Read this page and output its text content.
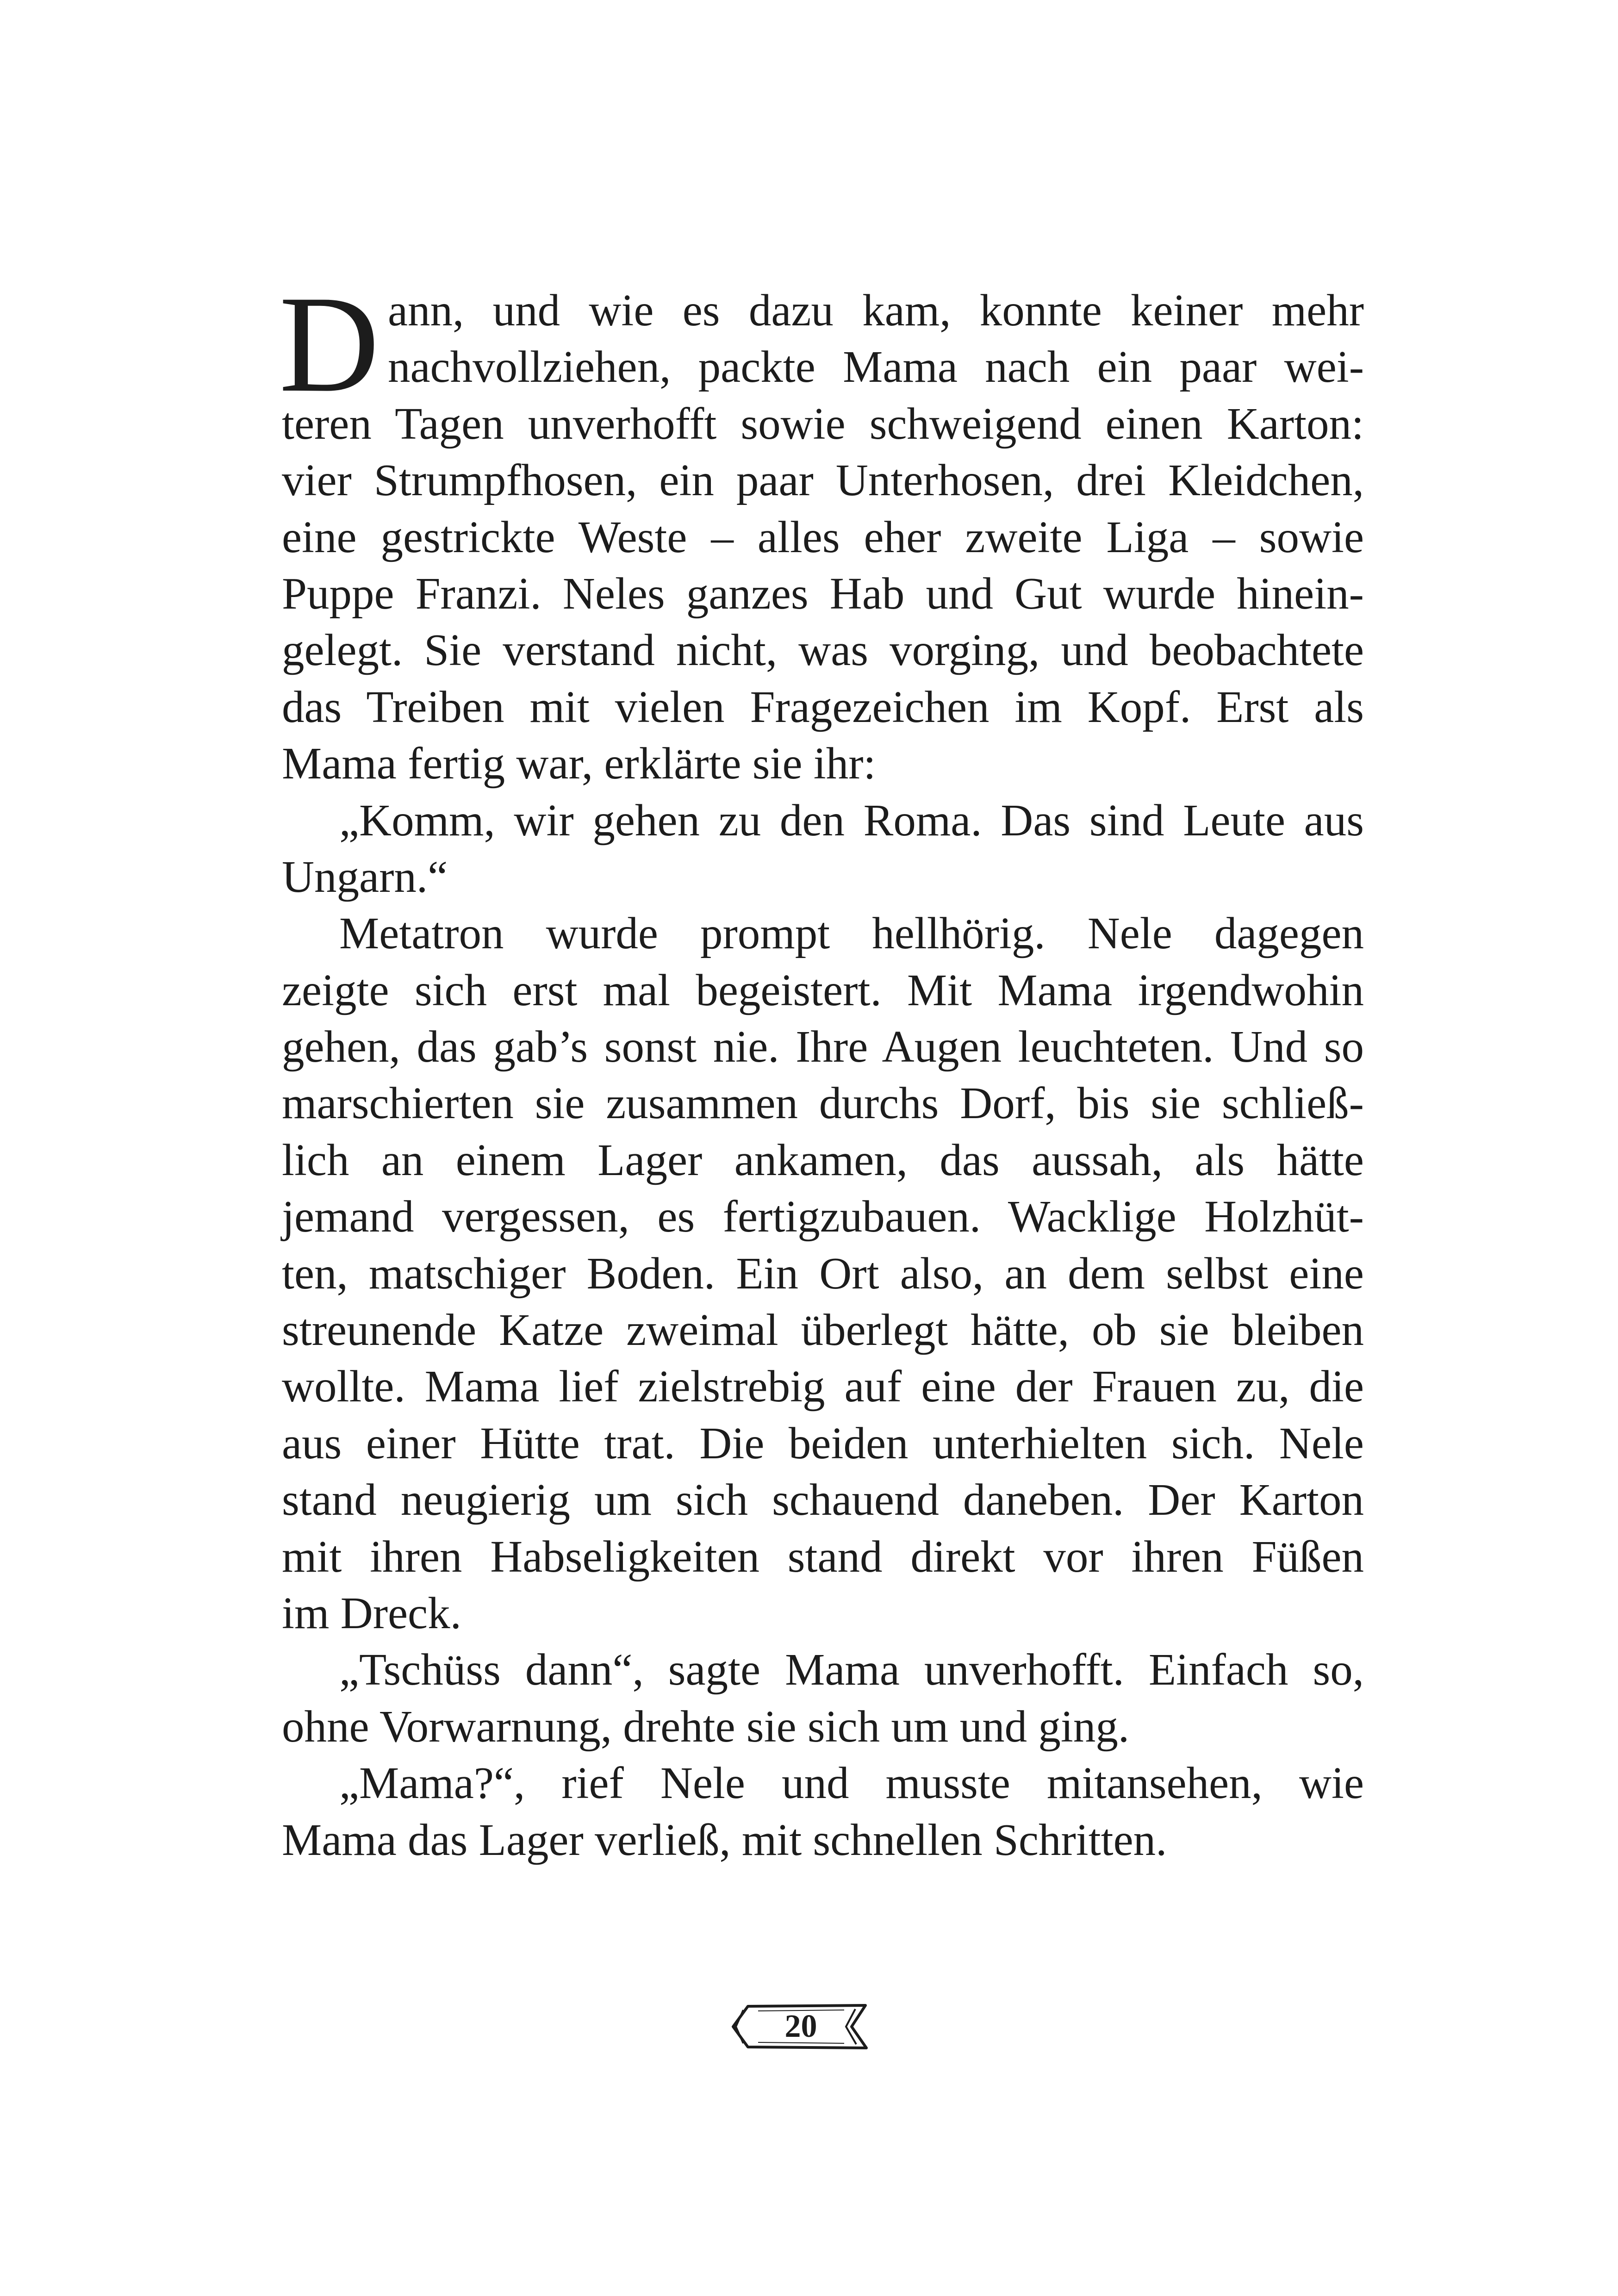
D ann, und wie es dazu kam, konnte keiner mehr
nachvollziehen, packte Mama nach ein paar wei-
teren Tagen unverhofft sowie schweigend einen Karton:
vier Strumpfhosen, ein paar Unterhosen, drei Kleidchen,
eine gestrickte Weste – alles eher zweite Liga – sowie
Puppe Franzi. Neles ganzes Hab und Gut wurde hinein-
gelegt. Sie verstand nicht, was vorging, und beobachtete
das Treiben mit vielen Fragezeichen im Kopf. Erst als
Mama fertig war, erklärte sie ihr:
„Komm, wir gehen zu den Roma. Das sind Leute aus
Ungarn.“
Metatron wurde prompt hellhörig. Nele dagegen
zeigte sich erst mal begeistert. Mit Mama irgendwohin
gehen, das gab’s sonst nie. Ihre Augen leuchteten. Und so
marschierten sie zusammen durchs Dorf, bis sie schließ-
lich an einem Lager ankamen, das aussah, als hätte
jemand vergessen, es fertigzubauen. Wacklige Holzhüt-
ten, matschiger Boden. Ein Ort also, an dem selbst eine
streunende Katze zweimal überlegt hätte, ob sie bleiben
wollte. Mama lief zielstrebig auf eine der Frauen zu, die
aus einer Hütte trat. Die beiden unterhielten sich. Nele
stand neugierig um sich schauend daneben. Der Karton
mit ihren Habseligkeiten stand direkt vor ihren Füßen
im Dreck.
„Tschüss dann“, sagte Mama unverhofft. Einfach so,
ohne Vorwarnung, drehte sie sich um und ging.
„Mama?“, rief Nele und musste mitansehen, wie
Mama das Lager verließ, mit schnellen Schritten.
20
